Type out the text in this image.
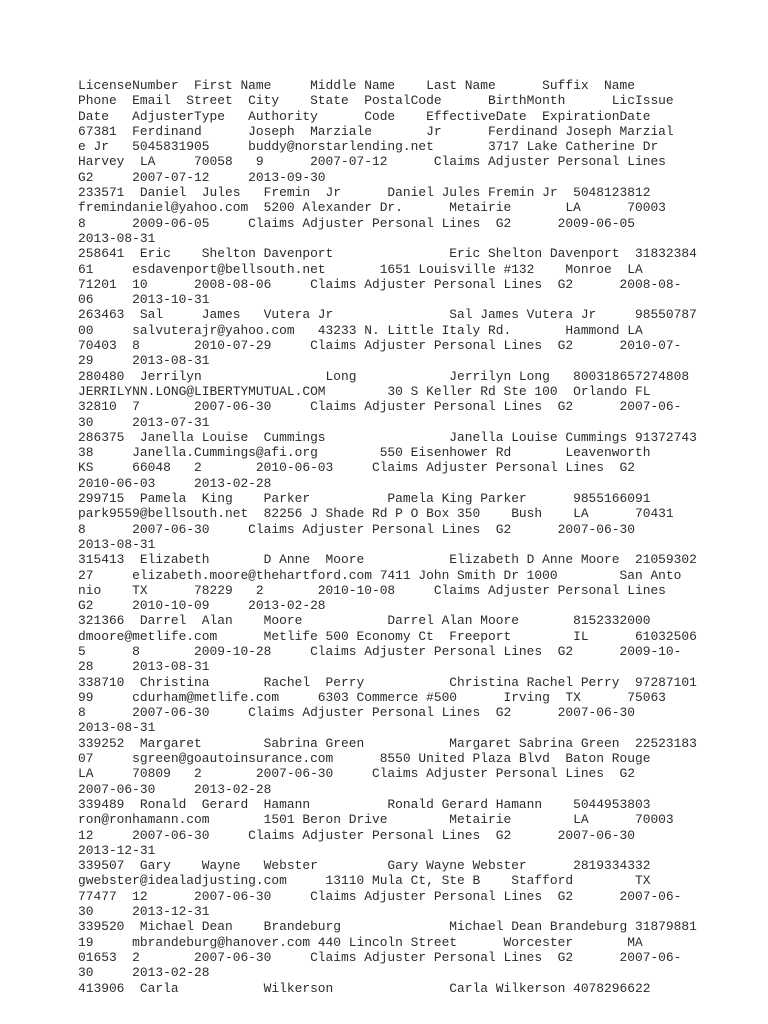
LicenseNumber  First Name     Middle Name    Last Name      Suffix  Name
Phone  Email  Street  City    State  PostalCode      BirthMonth      LicIssue
Date   AdjusterType   Authority      Code    EffectiveDate  ExpirationDate
67381  Ferdinand      Joseph  Marziale       Jr      Ferdinand Joseph Marzial
e Jr   5045831905     buddy@norstarlending.net       3717 Lake Catherine Dr
Harvey  LA     70058   9      2007-07-12      Claims Adjuster Personal Lines
G2     2007-07-12     2013-09-30
233571  Daniel  Jules   Fremin  Jr      Daniel Jules Fremin Jr  5048123812
fremindaniel@yahoo.com  5200 Alexander Dr.      Metairie       LA      70003
8      2009-06-05     Claims Adjuster Personal Lines  G2      2009-06-05
2013-08-31
258641  Eric    Shelton Davenport               Eric Shelton Davenport  31832384
61     esdavenport@bellsouth.net       1651 Louisville #132    Monroe  LA
71201  10      2008-08-06     Claims Adjuster Personal Lines  G2      2008-08-
06     2013-10-31
263463  Sal     James   Vutera Jr               Sal James Vutera Jr     98550787
00     salvuterajr@yahoo.com   43233 N. Little Italy Rd.       Hammond LA
70403  8       2010-07-29     Claims Adjuster Personal Lines  G2      2010-07-
29     2013-08-31
280480  Jerrilyn                Long            Jerrilyn Long   800318657274808
JERRILYNN.LONG@LIBERTYMUTUAL.COM        30 S Keller Rd Ste 100  Orlando FL
32810  7       2007-06-30     Claims Adjuster Personal Lines  G2      2007-06-
30     2013-07-31
286375  Janella Louise  Cummings                Janella Louise Cummings 91372743
38     Janella.Cummings@afi.org        550 Eisenhower Rd       Leavenworth
KS     66048   2       2010-06-03     Claims Adjuster Personal Lines  G2
2010-06-03     2013-02-28
299715  Pamela  King    Parker          Pamela King Parker      9855166091
park9559@bellsouth.net  82256 J Shade Rd P O Box 350    Bush    LA      70431
8      2007-06-30     Claims Adjuster Personal Lines  G2      2007-06-30
2013-08-31
315413  Elizabeth       D Anne  Moore           Elizabeth D Anne Moore  21059302
27     elizabeth.moore@thehartford.com 7411 John Smith Dr 1000        San Anto
nio    TX      78229   2       2010-10-08     Claims Adjuster Personal Lines
G2     2010-10-09     2013-02-28
321366  Darrel  Alan    Moore           Darrel Alan Moore       8152332000
dmoore@metlife.com      Metlife 500 Economy Ct  Freeport        IL      61032506
5      8       2009-10-28     Claims Adjuster Personal Lines  G2      2009-10-
28     2013-08-31
338710  Christina       Rachel  Perry           Christina Rachel Perry  97287101
99     cdurham@metlife.com     6303 Commerce #500      Irving  TX      75063
8      2007-06-30     Claims Adjuster Personal Lines  G2      2007-06-30
2013-08-31
339252  Margaret        Sabrina Green           Margaret Sabrina Green  22523183
07     sgreen@goautoinsurance.com      8550 United Plaza Blvd  Baton Rouge
LA     70809   2       2007-06-30     Claims Adjuster Personal Lines  G2
2007-06-30     2013-02-28
339489  Ronald  Gerard  Hamann          Ronald Gerard Hamann    5044953803
ron@ronhamann.com       1501 Beron Drive        Metairie        LA      70003
12     2007-06-30     Claims Adjuster Personal Lines  G2      2007-06-30
2013-12-31
339507  Gary    Wayne   Webster         Gary Wayne Webster      2819334332
gwebster@idealadjusting.com     13110 Mula Ct, Ste B    Stafford        TX
77477  12      2007-06-30     Claims Adjuster Personal Lines  G2      2007-06-
30     2013-12-31
339520  Michael Dean    Brandeburg              Michael Dean Brandeburg 31879881
19     mbrandeburg@hanover.com 440 Lincoln Street      Worcester       MA
01653  2       2007-06-30     Claims Adjuster Personal Lines  G2      2007-06-
30     2013-02-28
413906  Carla           Wilkerson               Carla Wilkerson 4078296622
